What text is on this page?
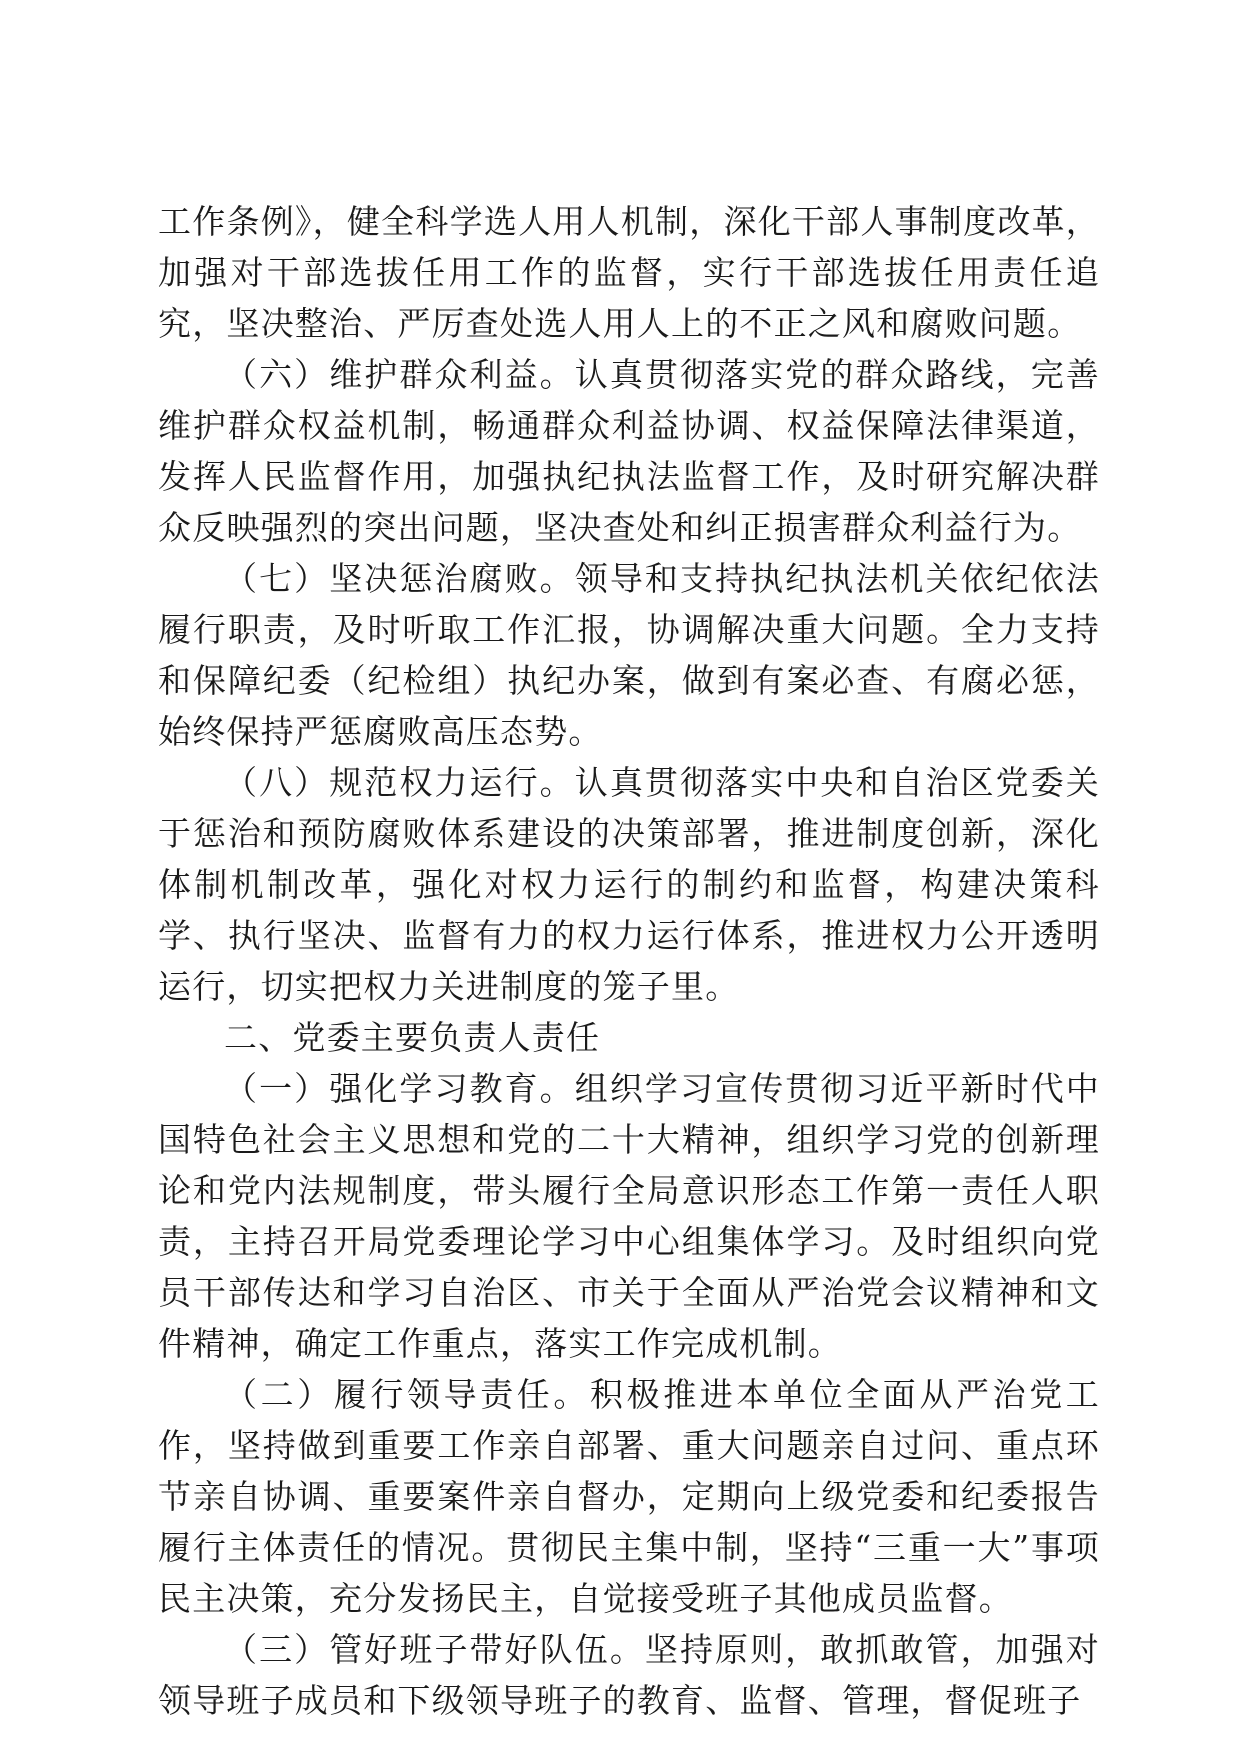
工作条例》，健全科学选人用人机制，深化干部人事制度改革，加强对干部选拔任用工作的监督，实行干部选拔任用责任追究，坚决整治、严厉查处选人用人上的不正之风和腐败问题。

（六）维护群众利益。认真贯彻落实党的群众路线，完善维护群众权益机制，畅通群众利益协调、权益保障法律渠道，发挥人民监督作用，加强执纪执法监督工作，及时研究解决群众反映强烈的突出问题，坚决查处和纠正损害群众利益行为。

（七）坚决惩治腐败。领导和支持执纪执法机关依纪依法履行职责，及时听取工作汇报，协调解决重大问题。全力支持和保障纪委（纪检组）执纪办案，做到有案必查、有腐必惩，始终保持严惩腐败高压态势。

（八）规范权力运行。认真贯彻落实中央和自治区党委关于惩治和预防腐败体系建设的决策部署，推进制度创新，深化体制机制改革，强化对权力运行的制约和监督，构建决策科学、执行坚决、监督有力的权力运行体系，推进权力公开透明运行，切实把权力关进制度的笼子里。

二、党委主要负责人责任

（一）强化学习教育。组织学习宣传贯彻习近平新时代中国特色社会主义思想和党的二十大精神，组织学习党的创新理论和党内法规制度，带头履行全局意识形态工作第一责任人职责，主持召开局党委理论学习中心组集体学习。及时组织向党员干部传达和学习自治区、市关于全面从严治党会议精神和文件精神，确定工作重点，落实工作完成机制。

（二）履行领导责任。积极推进本单位全面从严治党工作，坚持做到重要工作亲自部署、重大问题亲自过问、重点环节亲自协调、重要案件亲自督办，定期向上级党委和纪委报告履行主体责任的情况。贯彻民主集中制，坚持“三重一大”事项民主决策，充分发扬民主，自觉接受班子其他成员监督。

（三）管好班子带好队伍。坚持原则，敢抓敢管，加强对领导班子成员和下级领导班子的教育、监督、管理，督促班子
